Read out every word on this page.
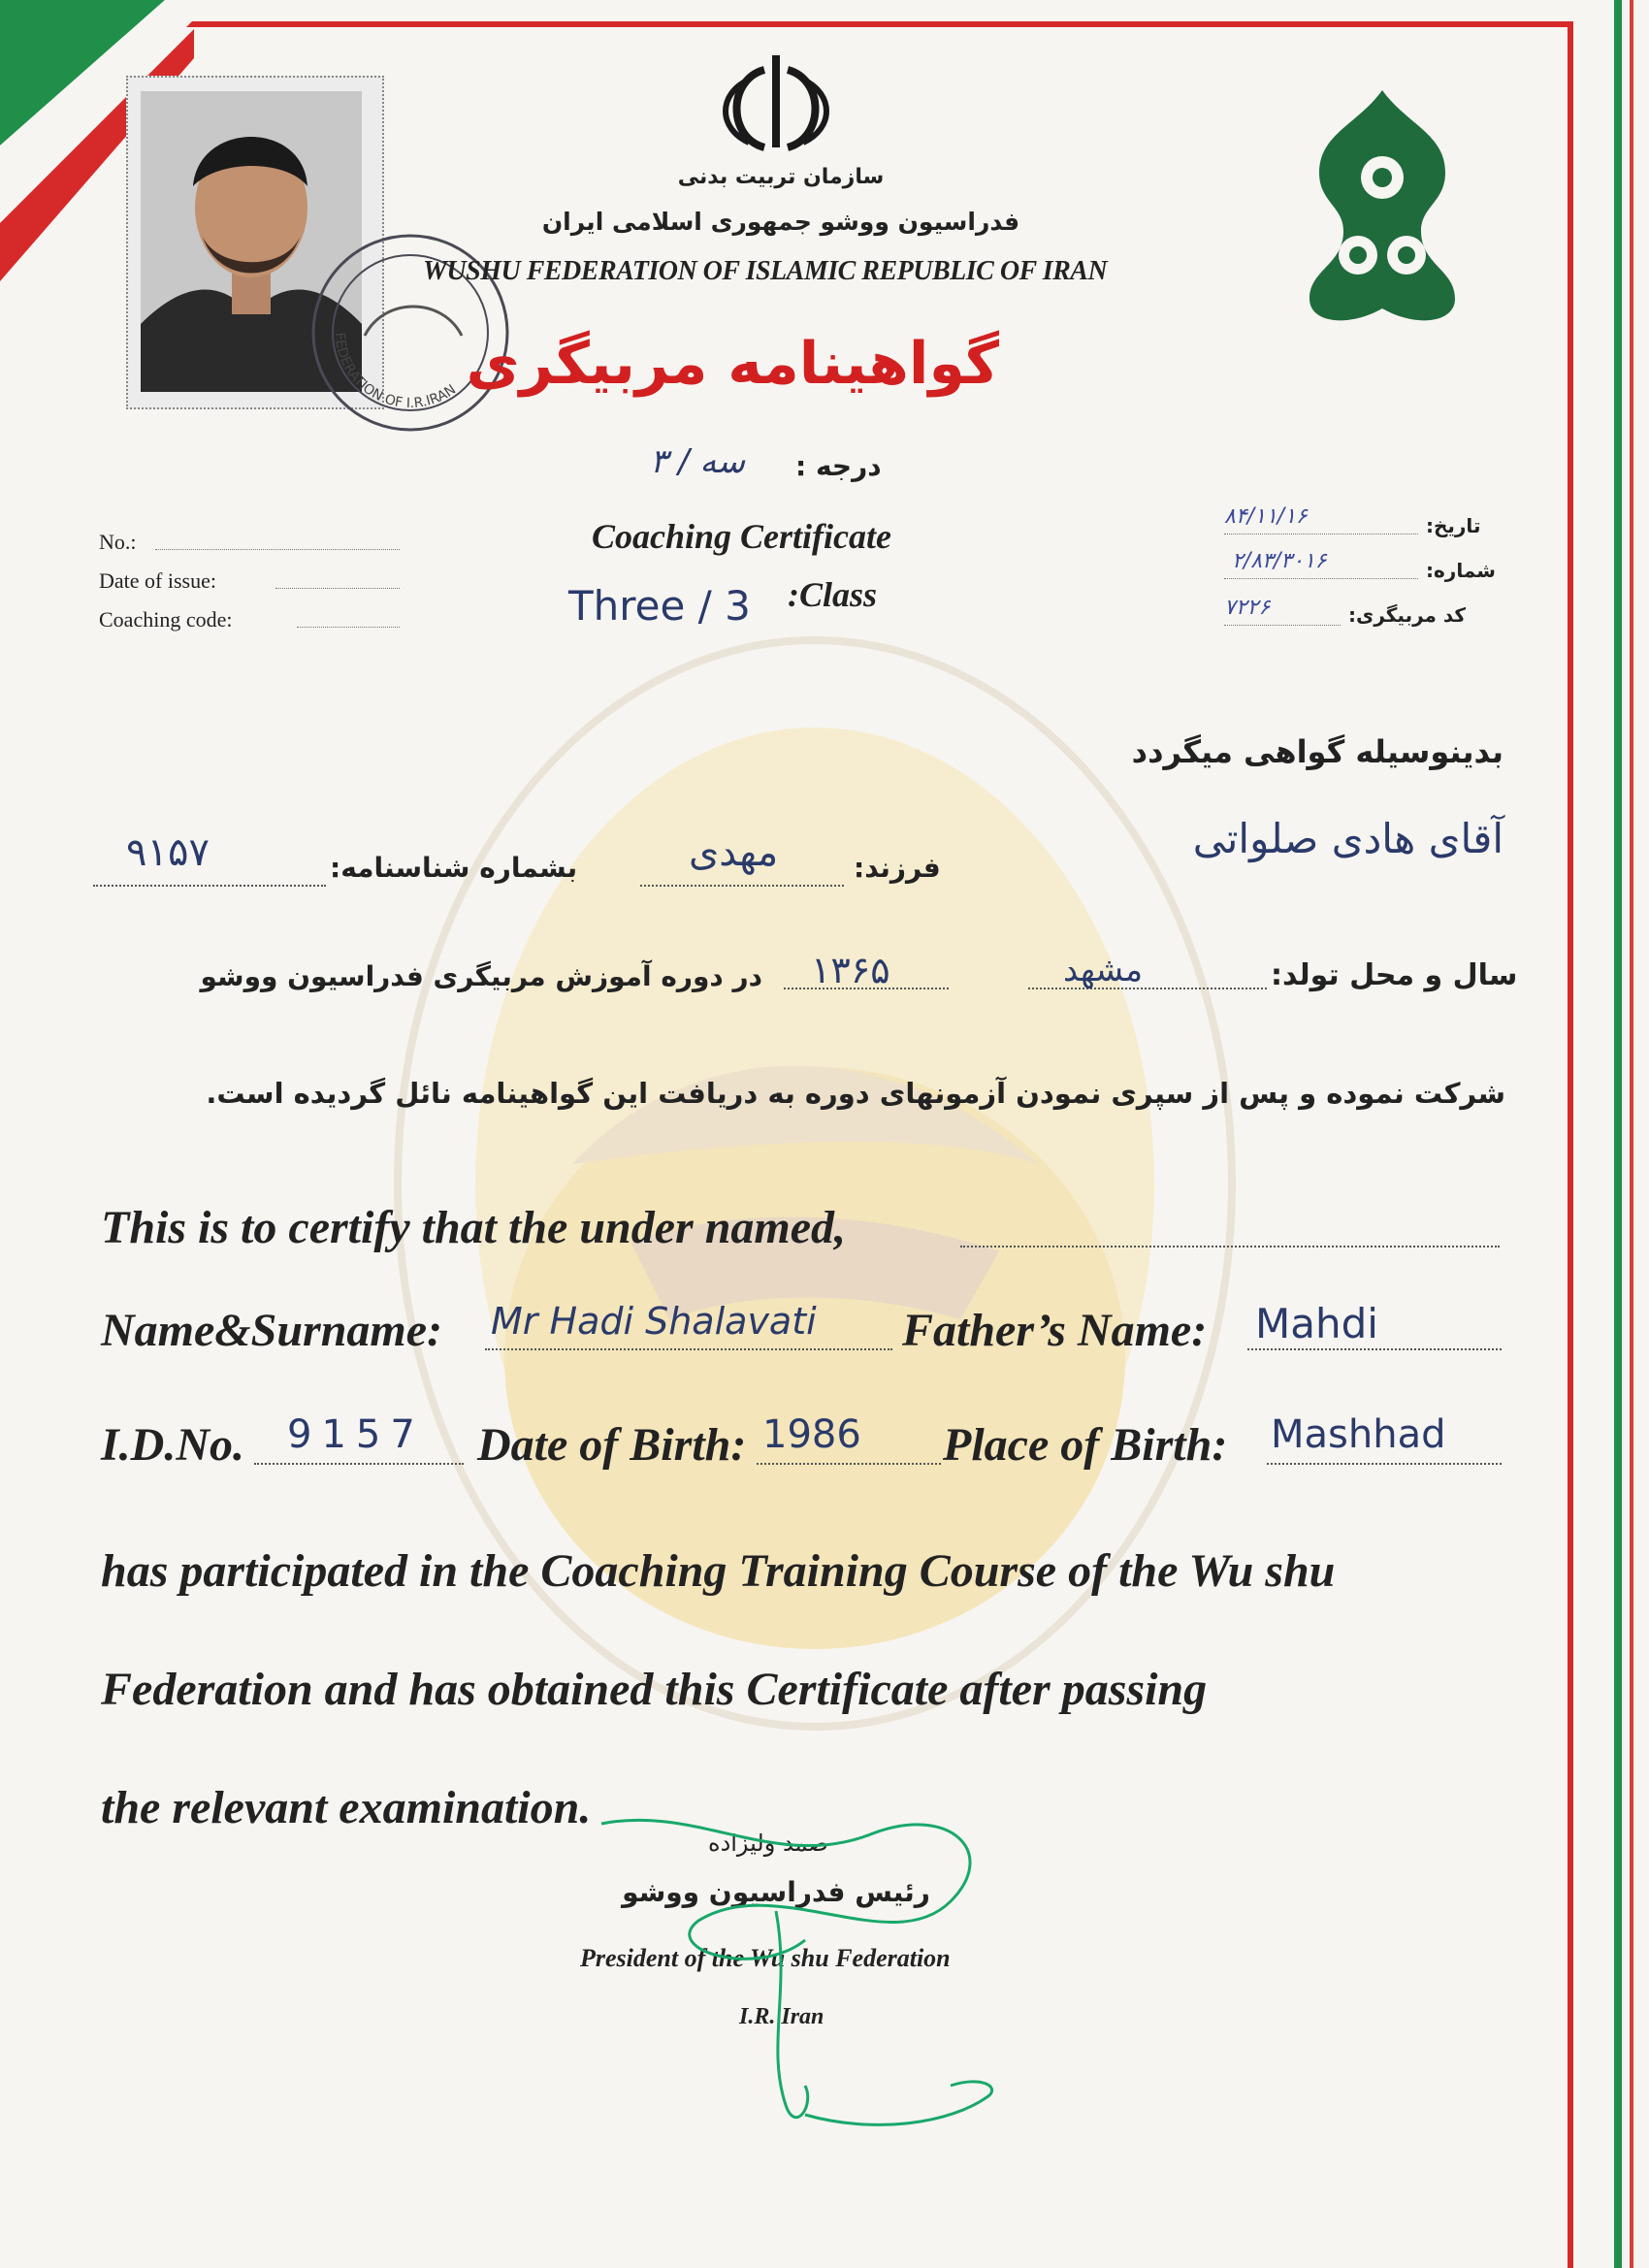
FEDERATION OF I.R.IRAN
سازمان تربیت بدنی
فدراسیون ووشو جمهوری اسلامی ایران
WUSHU FEDERATION OF ISLAMIC REPUBLIC OF IRAN
گواهینامه مربیگری
درجه :
سه / ۳
Coaching Certificate
Three / 3 :Class
No.:
Date of issue:
Coaching code:
تاریخ:
۸۴/۱۱/۱۶
شماره:
۲/۸۳/۳۰۱۶
کد مربیگری:
۷۲۲۶
بدینوسیله گواهی میگردد
آقای هادی صلواتی
فرزند:
مهدی
بشماره شناسنامه:
۹۱۵۷
سال و محل تولد:
مشهد
۱۳۶۵
در دوره آموزش مربیگری فدراسیون ووشو
شرکت نموده و پس از سپری نمودن آزمونهای دوره به دریافت این گواهینامه نائل گردیده است.
This is to certify that the under named,
Name&Surname: Mr Hadi Shalavati Father’s Name: Mahdi
I.D.No. 9157 Date of Birth: 1986 Place of Birth: Mashhad
has participated in the Coaching Training Course of the Wu shu
Federation and has obtained this Certificate after passing
the relevant examination.
صمد ولیزاده
رئیس فدراسیون ووشو
President of the Wu shu Federation
I.R. Iran
